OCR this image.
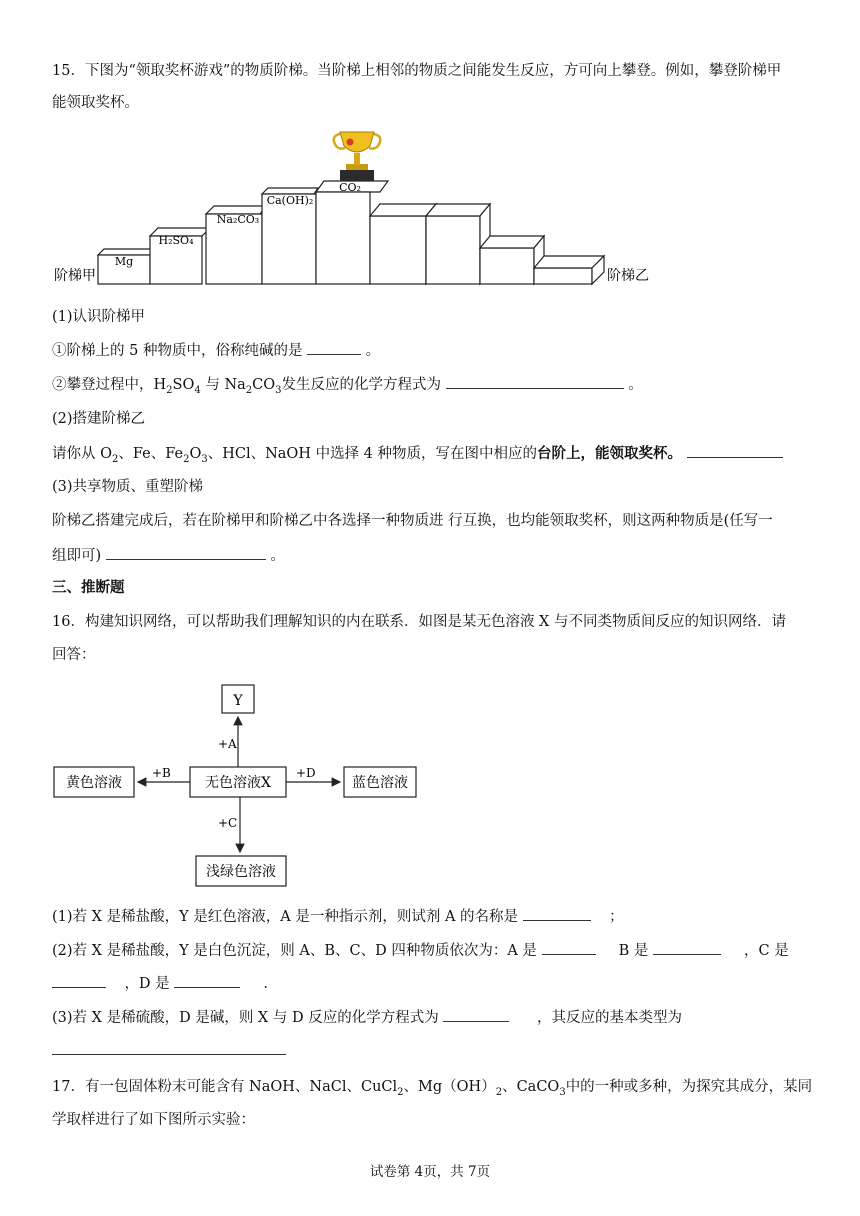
15．下图为“领取奖杯游戏”的物质阶梯。当阶梯上相邻的物质之间能发生反应，方可向上攀登。例如，攀登阶梯甲
能领取奖杯。
Mg
H₂SO₄
Na₂CO₃
Ca(OH)₂
CO₂
阶梯甲	阶梯乙
(1)认识阶梯甲
①阶梯上的 5 种物质中，俗称纯碱的是	。
②攀登过程中，$H_2SO_4$ 与 $Na_2CO_3$发生反应的化学方程式为	。
(2)搭建阶梯乙
请你从 $O_2$、Fe、$Fe_2O_3$、HCl、NaOH 中选择 4 种物质，写在图中相应的台阶上，能领取奖杯。
(3)共享物质、重塑阶梯
阶梯乙搭建完成后，若在阶梯甲和阶梯乙中各选择一种物质进 行互换，也均能领取奖杯，则这两种物质是(任写一
组即可)	。
三、推断题
16．构建知识网络，可以帮助我们理解知识的内在联系．如图是某无色溶液 X 与不同类物质间反应的知识网络．请
回答：
Y
无色溶液X
黄色溶液	蓝色溶液
浅绿色溶液
+A
+B
+C
+D
(1)若 X 是稀盐酸，Y 是红色溶液，A 是一种指示剂，则试剂 A 的名称是	；
(2)若 X 是稀盐酸，Y 是白色沉淀，则 A、B、C、D 四种物质依次为：A 是	B 是	，C 是
，D 是	.
(3)若 X 是稀硫酸，D 是碱，则 X 与 D 反应的化学方程式为	，其反应的基本类型为
17．有一包固体粉末可能含有 NaOH、NaCl、CuCl$_2$、$Mg(OH)_2$、CaCO$_3$中的一种或多种，为探究其成分，某同
学取样进行了如下图所示实验：
试卷第 4页，共 7页
